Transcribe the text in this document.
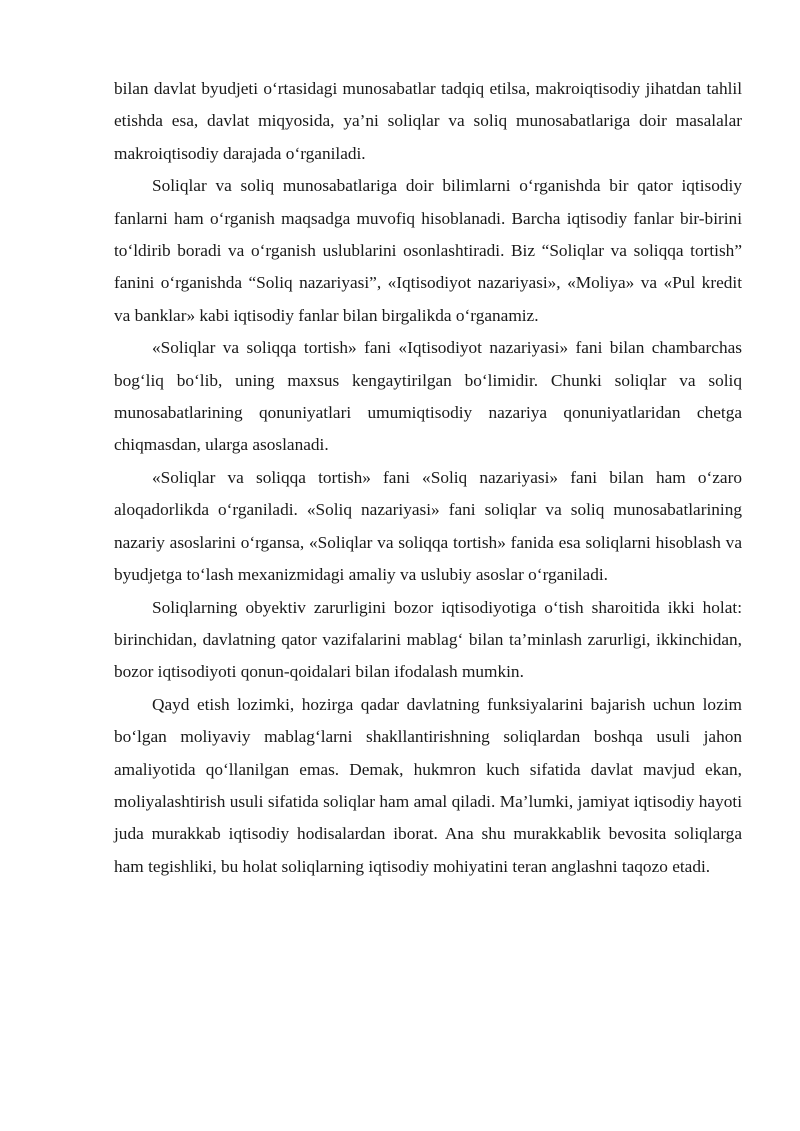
bilan davlat byudjeti o‘rtasidagi munosabatlar tadqiq etilsa, makroiqtisodiy jihatdan tahlil etishda esa, davlat miqyosida, ya’ni soliqlar va soliq munosabatlariga doir masalalar makroiqtisodiy darajada o‘rganiladi.

Soliqlar va soliq munosabatlariga doir bilimlarni o‘rganishda bir qator iqtisodiy fanlarni ham o‘rganish maqsadga muvofiq hisoblanadi. Barcha iqtisodiy fanlar bir-birini to‘ldirib boradi va o‘rganish uslublarini osonlashtiradi. Biz “Soliqlar va soliqqa tortish” fanini o‘rganishda “Soliq nazariyasi”, «Iqtisodiyot nazariyasi», «Moliya» va «Pul kredit va banklar» kabi iqtisodiy fanlar bilan birgalikda o‘rganamiz.

«Soliqlar va soliqqa tortish» fani «Iqtisodiyot nazariyasi» fani bilan chambarchas bog‘liq bo‘lib, uning maxsus kengaytirilgan bo‘limidir. Chunki soliqlar va soliq munosabatlarining qonuniyatlari umumiqtisodiy nazariya qonuniyatlaridan chetga chiqmasdan, ularga asoslanadi.

«Soliqlar va soliqqa tortish» fani «Soliq nazariyasi» fani bilan ham o‘zaro aloqadorlikda o‘rganiladi. «Soliq nazariyasi» fani soliqlar va soliq munosabatlarining nazariy asoslarini o‘rgansa, «Soliqlar va soliqqa tortish» fanida esa soliqlarni hisoblash va byudjetga to‘lash mexanizmidagi amaliy va uslubiy asoslar o‘rganiladi.

Soliqlarning obyektiv zarurligini bozor iqtisodiyotiga o‘tish sharoitida ikki holat: birinchidan, davlatning qator vazifalarini mablag‘ bilan ta’minlash zarurligi, ikkinchidan, bozor iqtisodiyoti qonun-qoidalari bilan ifodalash mumkin.

Qayd etish lozimki, hozirga qadar davlatning funksiyalarini bajarish uchun lozim bo‘lgan moliyaviy mablag‘larni shakllantirishning soliqlardan boshqa usuli jahon amaliyotida qo‘llanilgan emas. Demak, hukmron kuch sifatida davlat mavjud ekan, moliyalashtirish usuli sifatida soliqlar ham amal qiladi. Ma’lumki, jamiyat iqtisodiy hayoti juda murakkab iqtisodiy hodisalardan iborat. Ana shu murakkablik bevosita soliqlarga ham tegishliki, bu holat soliqlarning iqtisodiy mohiyatini teran anglashni taqozo etadi.
